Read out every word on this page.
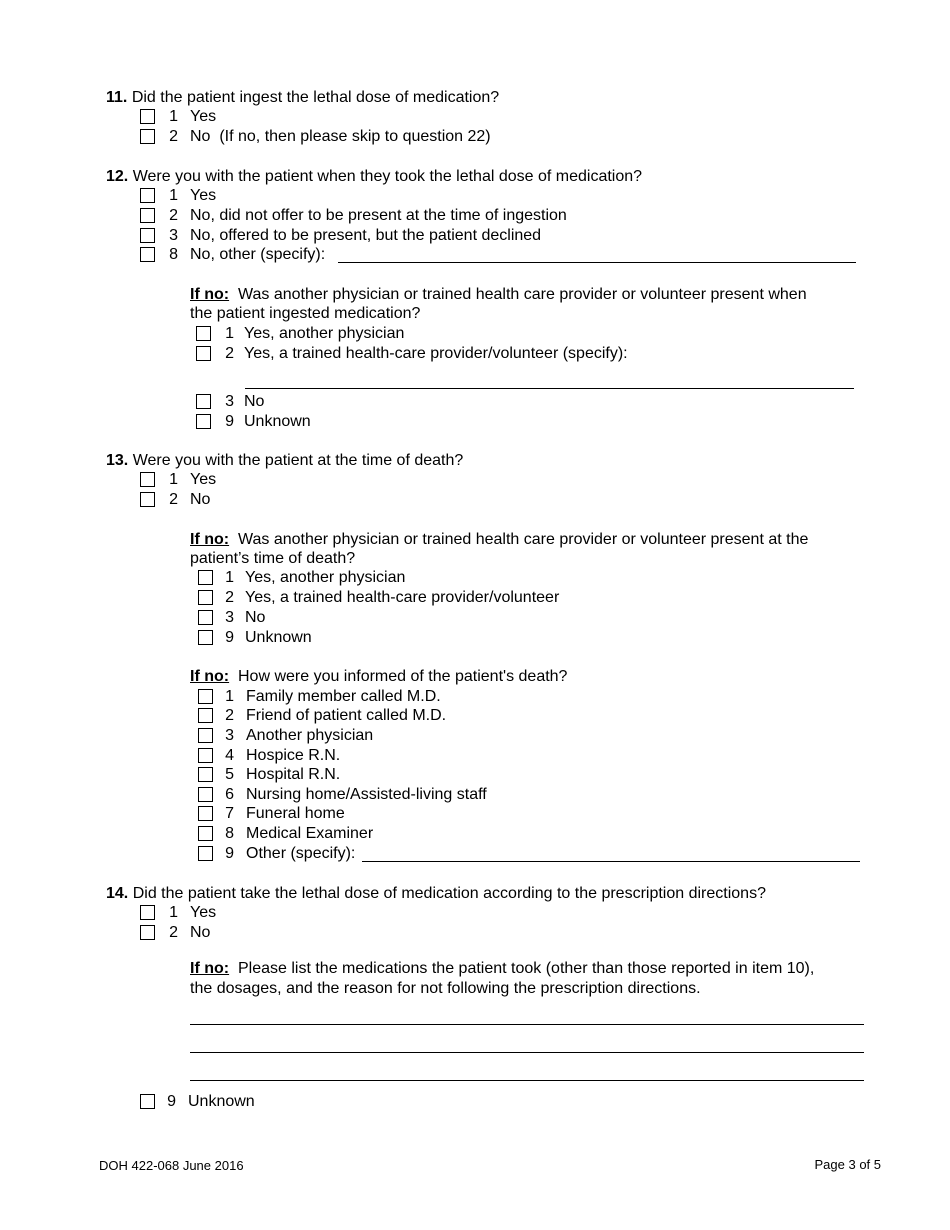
11. Did the patient ingest the lethal dose of medication?
1 Yes
2 No  (If no, then please skip to question 22)
12. Were you with the patient when they took the lethal dose of medication?
1 Yes
2 No, did not offer to be present at the time of ingestion
3 No, offered to be present, but the patient declined
8 No, other (specify):
If no: Was another physician or trained health care provider or volunteer present when
the patient ingested medication?
1 Yes, another physician
2 Yes, a trained health-care provider/volunteer (specify):
3 No
9 Unknown
13. Were you with the patient at the time of death?
1 Yes
2 No
If no: Was another physician or trained health care provider or volunteer present at the
patient’s time of death?
1 Yes, another physician
2 Yes, a trained health-care provider/volunteer
3 No
9 Unknown
If no: How were you informed of the patient's death?
1 Family member called M.D.
2 Friend of patient called M.D.
3 Another physician
4 Hospice R.N.
5 Hospital R.N.
6 Nursing home/Assisted-living staff
7 Funeral home
8 Medical Examiner
9 Other (specify):
14. Did the patient take the lethal dose of medication according to the prescription directions?
1 Yes
2 No
If no: Please list the medications the patient took (other than those reported in item 10),
the dosages, and the reason for not following the prescription directions.
9 Unknown
DOH 422-068 June 2016	Page 3 of 5
